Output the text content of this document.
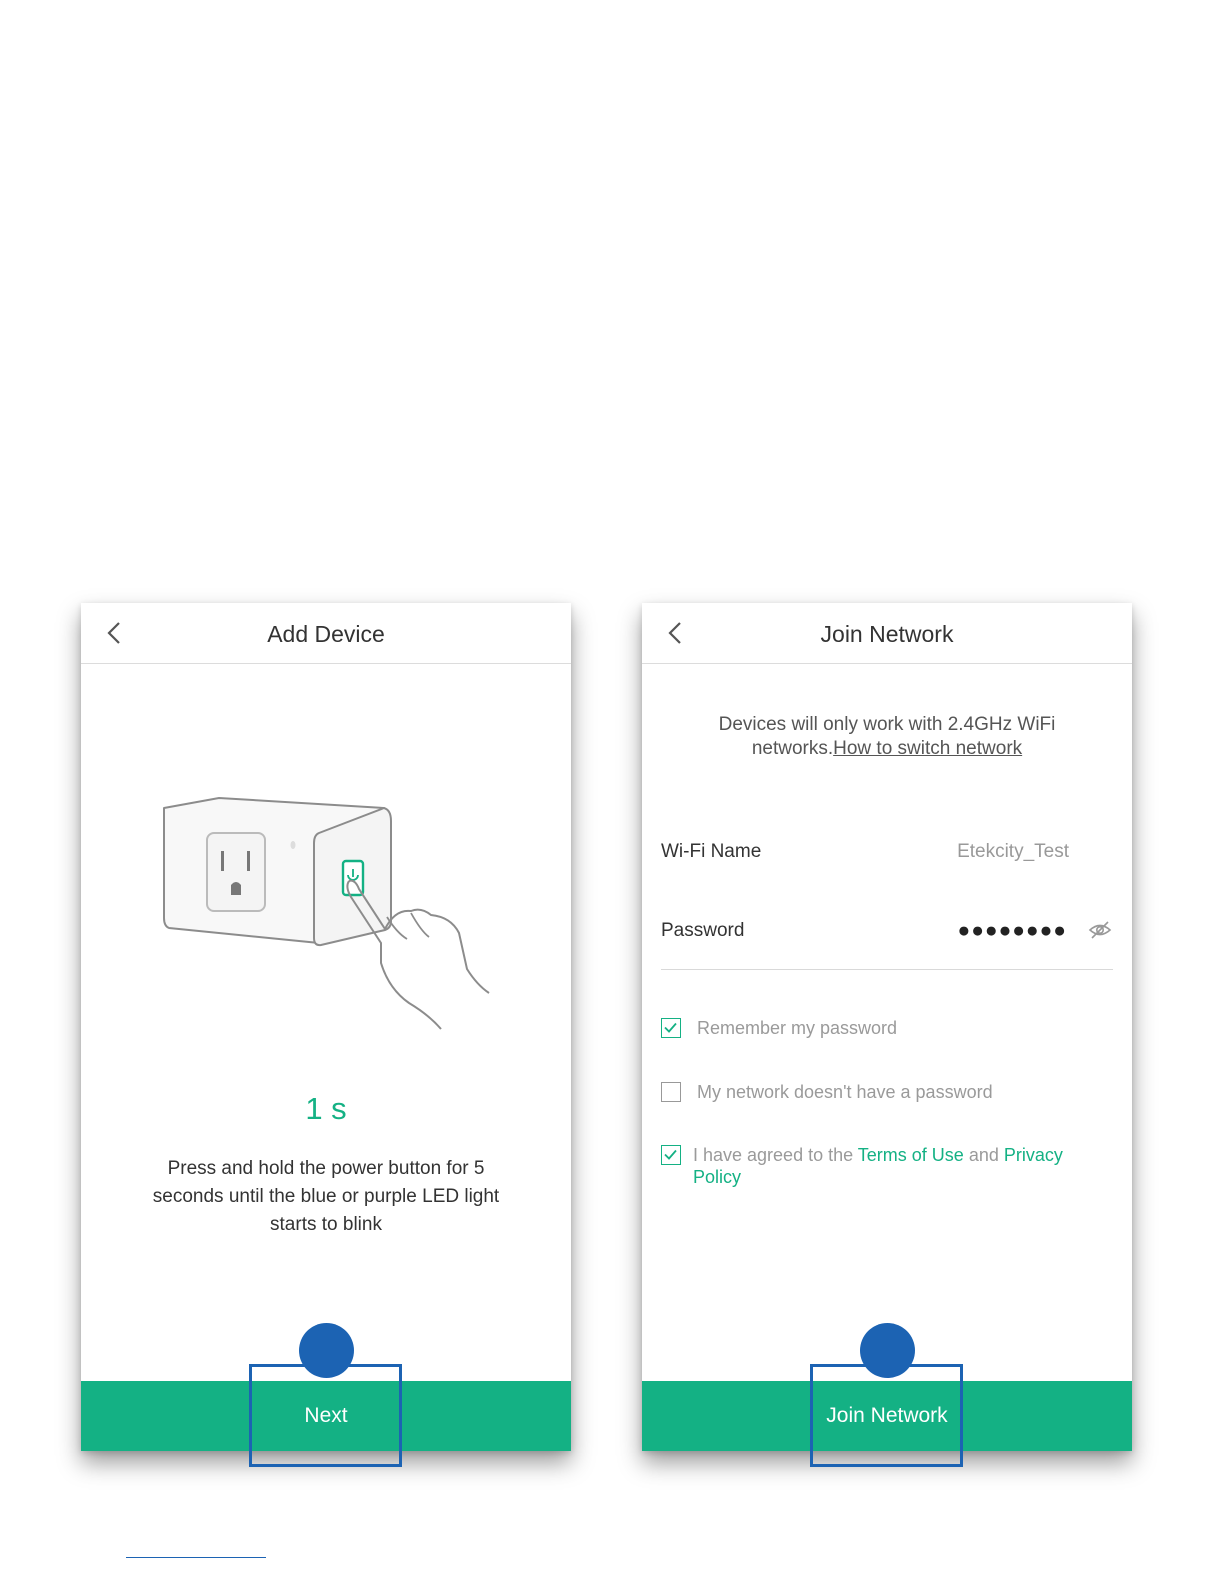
Add Device
1 s
Press and hold the power button for 5 seconds until the blue or purple LED light starts to blink
Next
Join Network
Devices will only work with 2.4GHz WiFi networks.How to switch network
Wi-Fi Name	Etekcity_Test
Password	●●●●●●●●
Remember my password
My network doesn't have a password
I have agreed to the Terms of Use and Privacy
Policy
Join Network
